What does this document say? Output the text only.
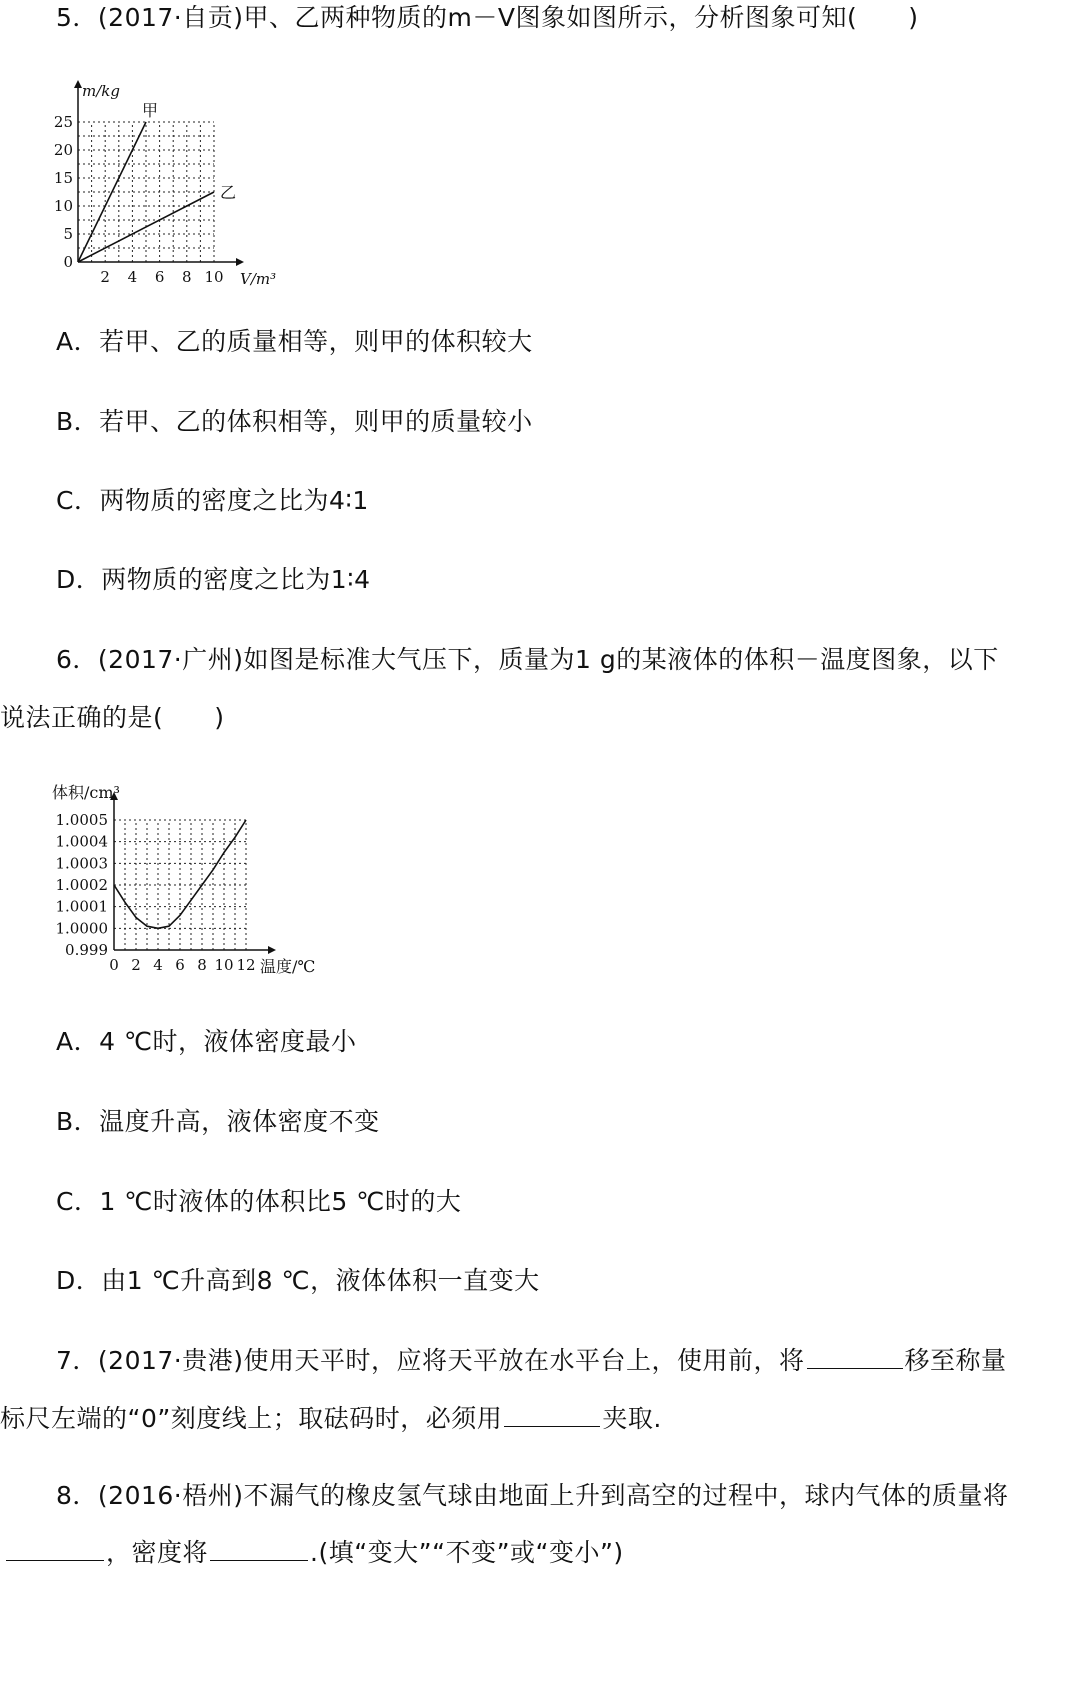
5．(2017·自贡)甲、乙两种物质的m－V图象如图所示，分析图象可知(　　)
2 4 6 8 10
0
5
10
15
20
25
m/kg
V/m³
甲
乙
A．若甲、乙的质量相等，则甲的体积较大
B．若甲、乙的体积相等，则甲的质量较小
C．两物质的密度之比为4∶1
D．两物质的密度之比为1∶4
6．(2017·广州)如图是标准大气压下，质量为1 g的某液体的体积－温度图象，以下
说法正确的是(　　)
0 2 4 6 8 10 12
0.999
1.0000
1.0001
1.0002
1.0003
1.0004
1.0005
体积/cm³
温度/℃
A．4 ℃时，液体密度最小
B．温度升高，液体密度不变
C．1 ℃时液体的体积比5 ℃时的大
D．由1 ℃升高到8 ℃，液体体积一直变大
7．(2017·贵港)使用天平时，应将天平放在水平台上，使用前，将	移至称量
标尺左端的“0”刻度线上；取砝码时，必须用	夹取.
8．(2016·梧州)不漏气的橡皮氢气球由地面上升到高空的过程中，球内气体的质量将
，密度将	.(填“变大”“不变”或“变小”)
